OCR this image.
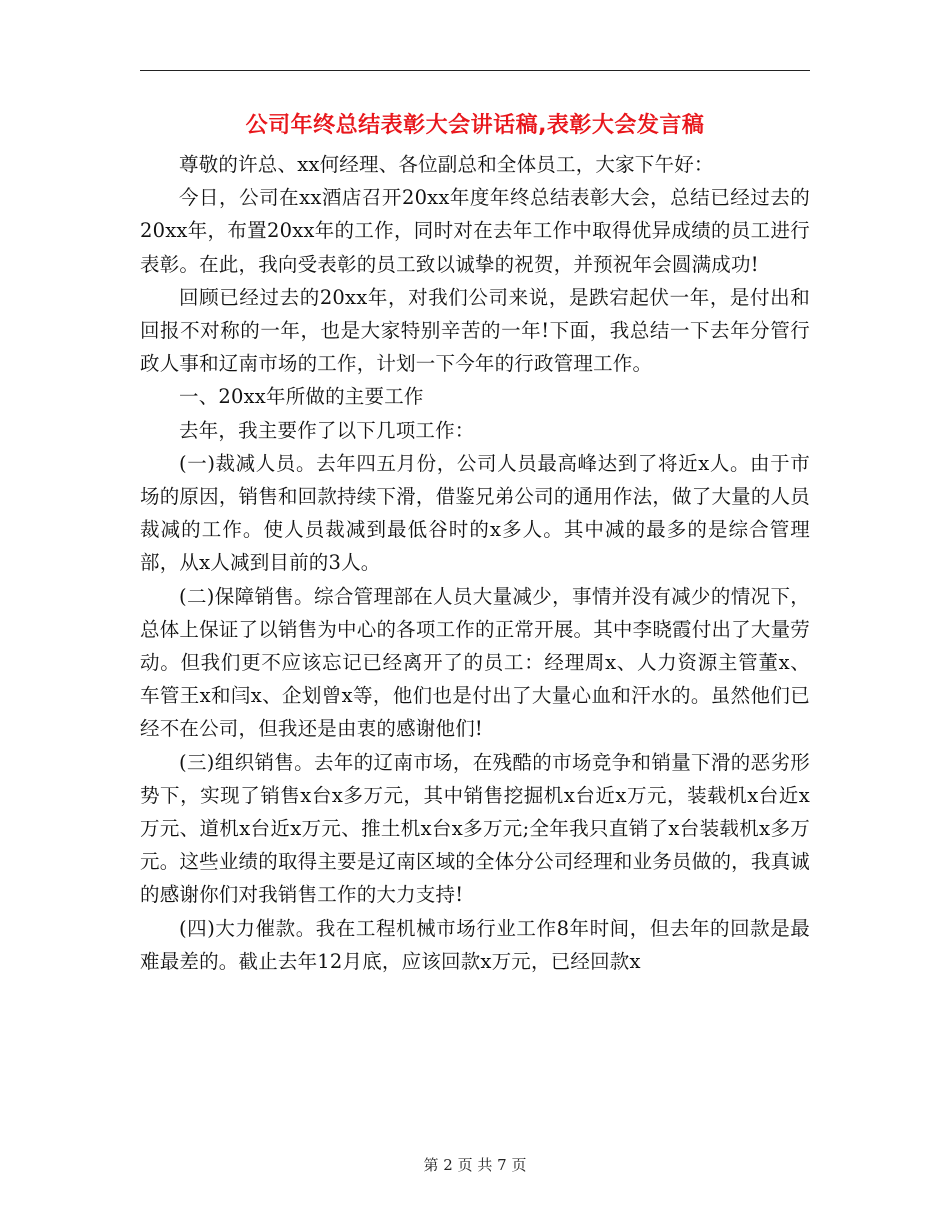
公司年终总结表彰大会讲话稿,表彰大会发言稿

尊敬的许总、xx何经理、各位副总和全体员工，大家下午好：

今日，公司在xx酒店召开20xx年度年终总结表彰大会，总结已经过去的20xx年，布置20xx年的工作，同时对在去年工作中取得优异成绩的员工进行表彰。在此，我向受表彰的员工致以诚挚的祝贺，并预祝年会圆满成功!

回顾已经过去的20xx年，对我们公司来说，是跌宕起伏一年，是付出和回报不对称的一年，也是大家特别辛苦的一年!下面，我总结一下去年分管行政人事和辽南市场的工作，计划一下今年的行政管理工作。

一、20xx年所做的主要工作

去年，我主要作了以下几项工作：

(一)裁减人员。去年四五月份，公司人员最高峰达到了将近x人。由于市场的原因，销售和回款持续下滑，借鉴兄弟公司的通用作法，做了大量的人员裁减的工作。使人员裁减到最低谷时的x多人。其中减的最多的是综合管理部，从x人减到目前的3人。

(二)保障销售。综合管理部在人员大量减少，事情并没有减少的情况下，总体上保证了以销售为中心的各项工作的正常开展。其中李晓霞付出了大量劳动。但我们更不应该忘记已经离开了的员工：经理周x、人力资源主管董x、车管王x和闫x、企划曾x等，他们也是付出了大量心血和汗水的。虽然他们已经不在公司，但我还是由衷的感谢他们!

(三)组织销售。去年的辽南市场，在残酷的市场竞争和销量下滑的恶劣形势下，实现了销售x台x多万元，其中销售挖掘机x台近x万元，装载机x台近x万元、道机x台近x万元、推土机x台x多万元;全年我只直销了x台装载机x多万元。这些业绩的取得主要是辽南区域的全体分公司经理和业务员做的，我真诚的感谢你们对我销售工作的大力支持!

(四)大力催款。我在工程机械市场行业工作8年时间，但去年的回款是最难最差的。截止去年12月底，应该回款x万元，已经回款x

第 2 页 共 7 页
